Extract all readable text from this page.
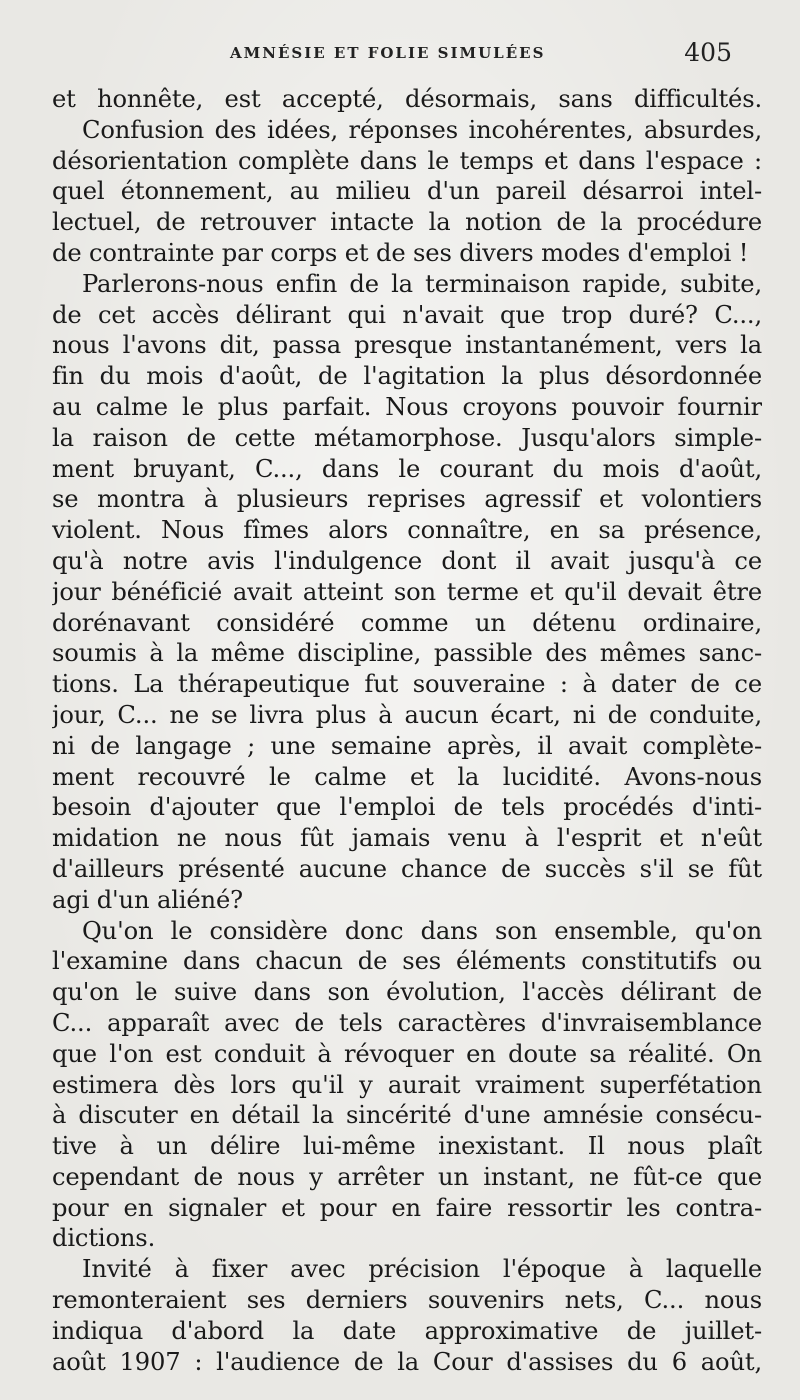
AMNÉSIE ET FOLIE SIMULÉES	405
et honnête, est accepté, désormais, sans difficultés.
Confusion des idées, réponses incohérentes, absurdes,
désorientation complète dans le temps et dans l'espace :
quel étonnement, au milieu d'un pareil désarroi intel-
lectuel, de retrouver intacte la notion de la procédure
de contrainte par corps et de ses divers modes d'emploi !
Parlerons-nous enfin de la terminaison rapide, subite,
de cet accès délirant qui n'avait que trop duré? C...,
nous l'avons dit, passa presque instantanément, vers la
fin du mois d'août, de l'agitation la plus désordonnée
au calme le plus parfait. Nous croyons pouvoir fournir
la raison de cette métamorphose. Jusqu'alors simple-
ment bruyant, C..., dans le courant du mois d'août,
se montra à plusieurs reprises agressif et volontiers
violent. Nous fîmes alors connaître, en sa présence,
qu'à notre avis l'indulgence dont il avait jusqu'à ce
jour bénéficié avait atteint son terme et qu'il devait être
dorénavant considéré comme un détenu ordinaire,
soumis à la même discipline, passible des mêmes sanc-
tions. La thérapeutique fut souveraine : à dater de ce
jour, C... ne se livra plus à aucun écart, ni de conduite,
ni de langage ; une semaine après, il avait complète-
ment recouvré le calme et la lucidité. Avons-nous
besoin d'ajouter que l'emploi de tels procédés d'inti-
midation ne nous fût jamais venu à l'esprit et n'eût
d'ailleurs présenté aucune chance de succès s'il se fût
agi d'un aliéné?
Qu'on le considère donc dans son ensemble, qu'on
l'examine dans chacun de ses éléments constitutifs ou
qu'on le suive dans son évolution, l'accès délirant de
C... apparaît avec de tels caractères d'invraisemblance
que l'on est conduit à révoquer en doute sa réalité. On
estimera dès lors qu'il y aurait vraiment superfétation
à discuter en détail la sincérité d'une amnésie consécu-
tive à un délire lui-même inexistant. Il nous plaît
cependant de nous y arrêter un instant, ne fût-ce que
pour en signaler et pour en faire ressortir les contra-
dictions.
Invité à fixer avec précision l'époque à laquelle
remonteraient ses derniers souvenirs nets, C... nous
indiqua d'abord la date approximative de juillet-
août 1907 : l'audience de la Cour d'assises du 6 août,
